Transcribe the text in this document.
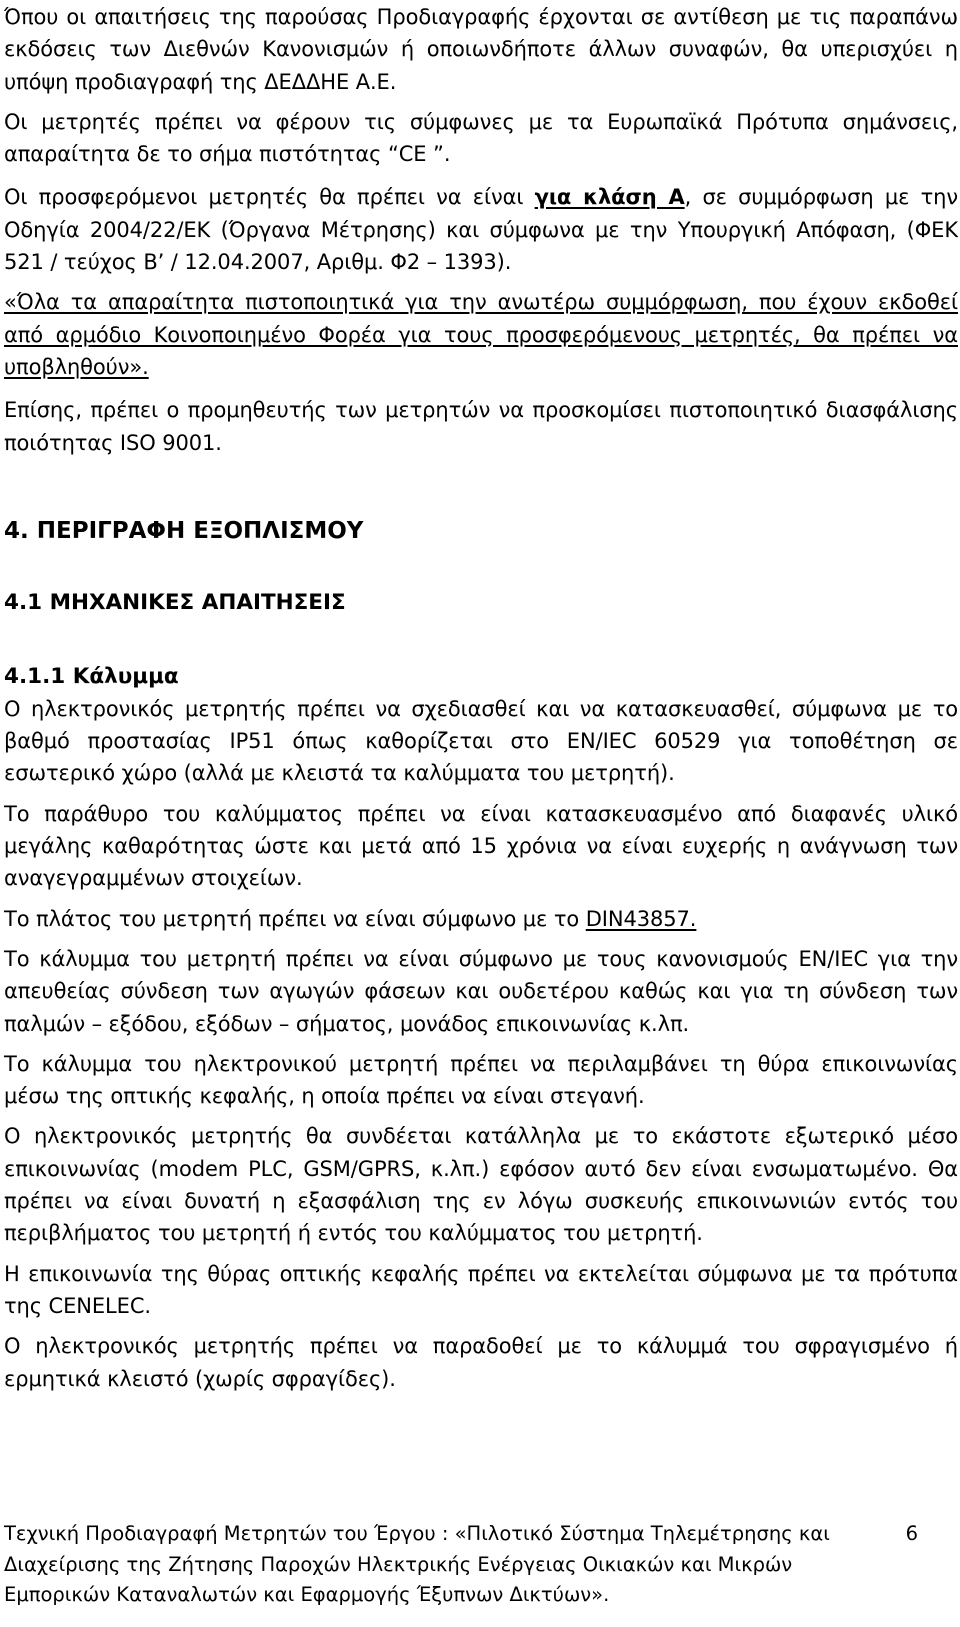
Όπου οι απαιτήσεις της παρούσας Προδιαγραφής έρχονται σε αντίθεση με τις παραπάνω εκδόσεις των Διεθνών Κανονισμών ή οποιωνδήποτε άλλων συναφών, θα υπερισχύει η υπόψη προδιαγραφή της ΔΕΔΔΗΕ Α.Ε.

Οι μετρητές πρέπει να φέρουν τις σύμφωνες με τα Ευρωπαϊκά Πρότυπα σημάνσεις, απαραίτητα δε το σήμα πιστότητας “CE ”.

Οι προσφερόμενοι μετρητές θα πρέπει να είναι για κλάση Α, σε συμμόρφωση με την Οδηγία 2004/22/ΕΚ (Όργανα Μέτρησης) και σύμφωνα με την Υπουργική Απόφαση, (ΦΕΚ 521 / τεύχος Β’ / 12.04.2007, Αριθμ. Φ2 – 1393).

«Όλα τα απαραίτητα πιστοποιητικά για την ανωτέρω συμμόρφωση, που έχουν εκδοθεί από αρμόδιο Κοινοποιημένο Φορέα για τους προσφερόμενους μετρητές, θα πρέπει να υποβληθούν».

Επίσης, πρέπει ο προμηθευτής των μετρητών να προσκομίσει πιστοποιητικό διασφάλισης ποιότητας ISO 9001.

4. ΠΕΡΙΓΡΑΦΗ ΕΞΟΠΛΙΣΜΟΥ
4.1 ΜΗΧΑΝΙΚΕΣ ΑΠΑΙΤΗΣΕΙΣ
4.1.1 Κάλυμμα

Ο ηλεκτρονικός μετρητής πρέπει να σχεδιασθεί και να κατασκευασθεί, σύμφωνα με το βαθμό προστασίας IP51 όπως καθορίζεται στο EN/IEC 60529 για τοποθέτηση σε εσωτερικό χώρο (αλλά με κλειστά τα καλύμματα του μετρητή).

Το παράθυρο του καλύμματος πρέπει να είναι κατασκευασμένο από διαφανές υλικό μεγάλης καθαρότητας ώστε και μετά από 15 χρόνια να είναι ευχερής η ανάγνωση των αναγεγραμμένων στοιχείων.

Το πλάτος του μετρητή πρέπει να είναι σύμφωνο με το DIN43857.

Το κάλυμμα του μετρητή πρέπει να είναι σύμφωνο με τους κανονισμούς EN/IEC για την απευθείας σύνδεση των αγωγών φάσεων και ουδετέρου καθώς και για τη σύνδεση των παλμών – εξόδου, εξόδων – σήματος, μονάδος επικοινωνίας κ.λπ.

Το κάλυμμα του ηλεκτρονικού μετρητή πρέπει να περιλαμβάνει τη θύρα επικοινωνίας μέσω της οπτικής κεφαλής, η οποία πρέπει να είναι στεγανή.

Ο ηλεκτρονικός μετρητής θα συνδέεται κατάλληλα με το εκάστοτε εξωτερικό μέσο επικοινωνίας (modem PLC, GSM/GPRS, κ.λπ.) εφόσον αυτό δεν είναι ενσωματωμένο. Θα πρέπει να είναι δυνατή η εξασφάλιση της εν λόγω συσκευής επικοινωνιών εντός του περιβλήματος του μετρητή ή εντός του καλύμματος του μετρητή.

Η επικοινωνία της θύρας οπτικής κεφαλής πρέπει να εκτελείται σύμφωνα με τα πρότυπα της CENELEC.

Ο ηλεκτρονικός μετρητής πρέπει να παραδοθεί με το κάλυμμά του σφραγισμένο ή ερμητικά κλειστό (χωρίς σφραγίδες).

Τεχνική Προδιαγραφή Μετρητών του Έργου : «Πιλοτικό Σύστημα Τηλεμέτρησης και Διαχείρισης της Ζήτησης Παροχών Ηλεκτρικής Ενέργειας Οικιακών και Μικρών Εμπορικών Καταναλωτών και Εφαρμογής Έξυπνων Δικτύων».
6
